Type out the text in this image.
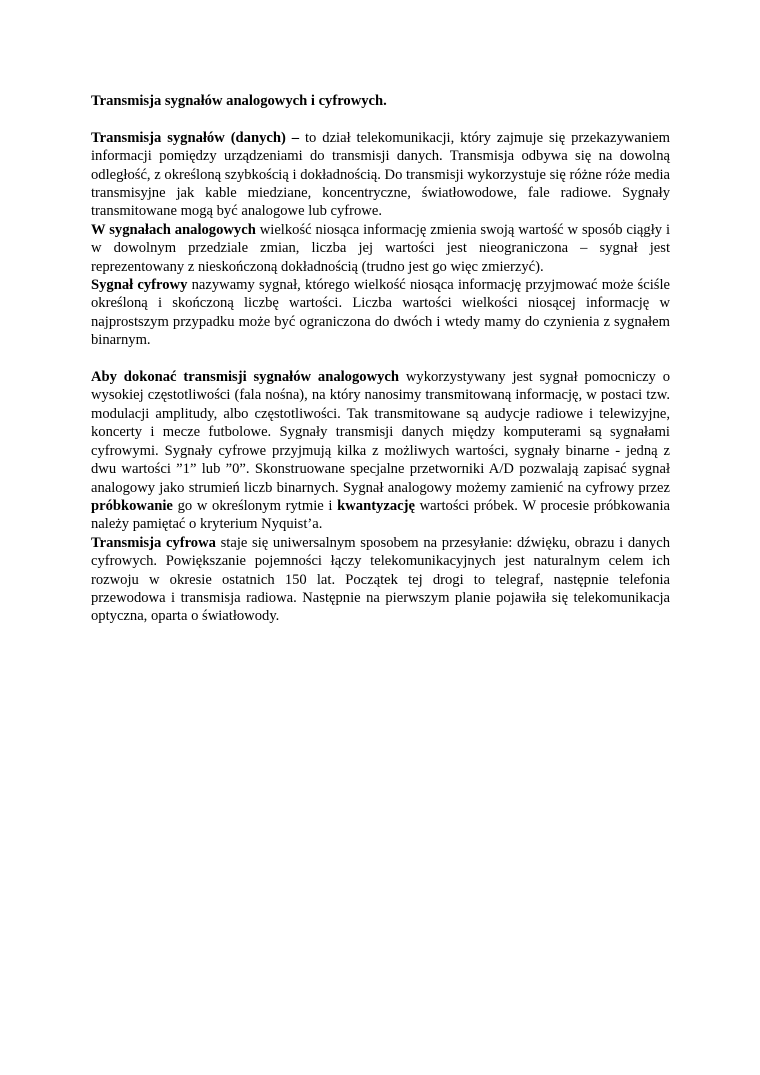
Transmisja sygnałów analogowych i cyfrowych.

Transmisja sygnałów (danych) – to dział telekomunikacji, który zajmuje się przekazywaniem informacji pomiędzy urządzeniami do transmisji danych. Transmisja odbywa się na dowolną odległość, z określoną szybkością i dokładnością. Do transmisji wykorzystuje się różne róże media transmisyjne jak kable miedziane, koncentryczne, światłowodowe, fale radiowe. Sygnały transmitowane mogą być analogowe lub cyfrowe.

W sygnałach analogowych wielkość niosąca informację zmienia swoją wartość w sposób ciągły i w dowolnym przedziale zmian, liczba jej wartości jest nieograniczona – sygnał jest reprezentowany z nieskończoną dokładnością (trudno jest go więc zmierzyć).

Sygnał cyfrowy nazywamy sygnał, którego wielkość niosąca informację przyjmować może ściśle określoną i skończoną liczbę wartości. Liczba wartości wielkości niosącej informację w najprostszym przypadku może być ograniczona do dwóch i wtedy mamy do czynienia z sygnałem binarnym.

Aby dokonać transmisji sygnałów analogowych wykorzystywany jest sygnał pomocniczy o wysokiej częstotliwości (fala nośna), na który nanosimy transmitowaną informację, w postaci tzw. modulacji amplitudy, albo częstotliwości. Tak transmitowane są audycje radiowe i telewizyjne, koncerty i mecze futbolowe. Sygnały transmisji danych między komputerami są sygnałami cyfrowymi. Sygnały cyfrowe przyjmują kilka z możliwych wartości, sygnały binarne - jedną z dwu wartości ”1” lub ”0”. Skonstruowane specjalne przetworniki A/D pozwalają zapisać sygnał analogowy jako strumień liczb binarnych. Sygnał analogowy możemy zamienić na cyfrowy przez próbkowanie go w określonym rytmie i kwantyzację wartości próbek. W procesie próbkowania należy pamiętać o kryterium Nyquist’a.

Transmisja cyfrowa staje się uniwersalnym sposobem na przesyłanie: dźwięku, obrazu i danych cyfrowych. Powiększanie pojemności łączy telekomunikacyjnych jest naturalnym celem ich rozwoju w okresie ostatnich 150 lat. Początek tej drogi to telegraf, następnie telefonia przewodowa i transmisja radiowa. Następnie na pierwszym planie pojawiła się telekomunikacja optyczna, oparta o światłowody.
